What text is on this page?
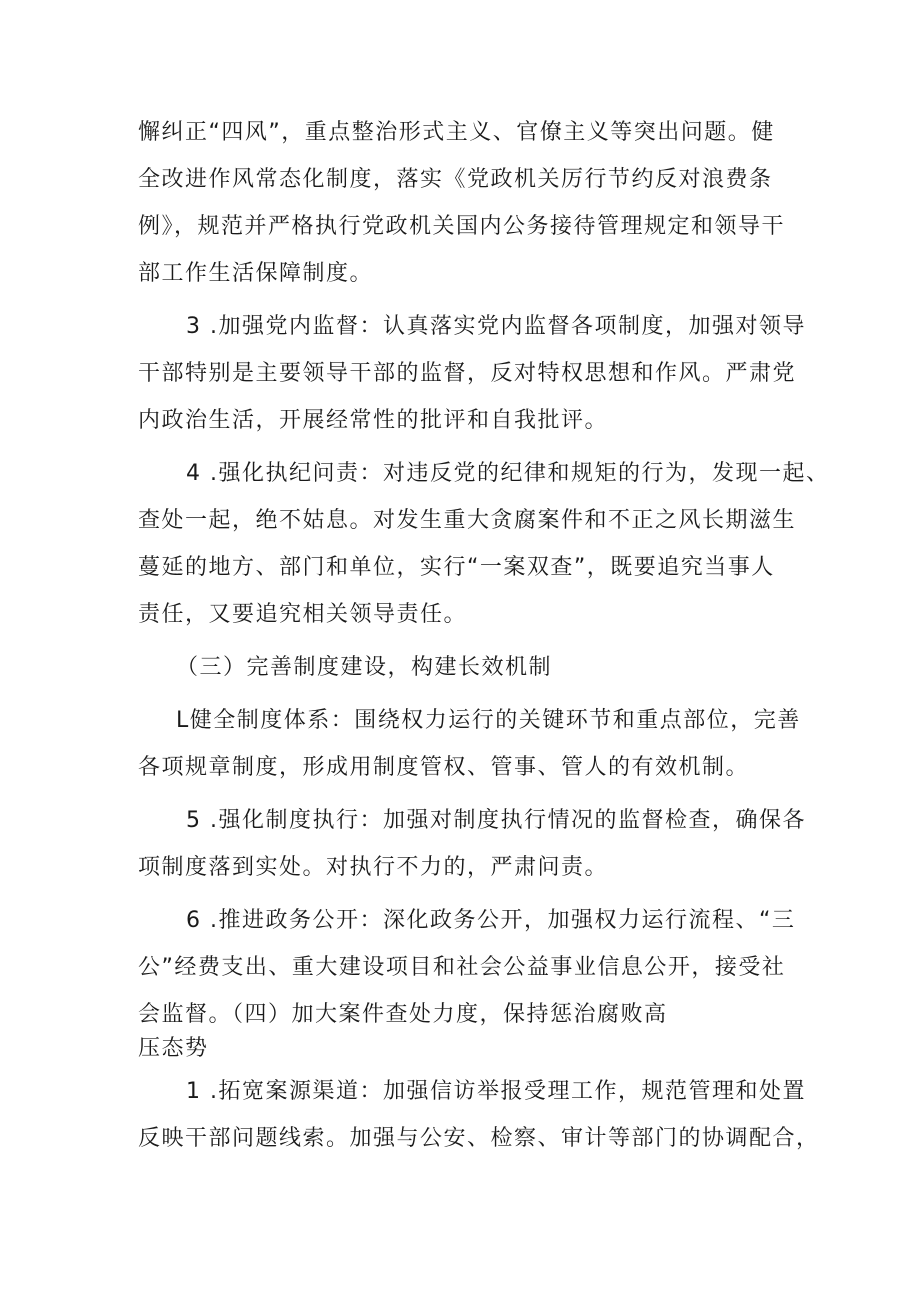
懈纠正“四风”，重点整治形式主义、官僚主义等突出问题。健
全改进作风常态化制度，落实《党政机关厉行节约反对浪费条
例》，规范并严格执行党政机关国内公务接待管理规定和领导干
部工作生活保障制度。
3 .加强党内监督：认真落实党内监督各项制度，加强对领导
干部特别是主要领导干部的监督，反对特权思想和作风。严肃党
内政治生活，开展经常性的批评和自我批评。
4 .强化执纪问责：对违反党的纪律和规矩的行为，发现一起、
查处一起，绝不姑息。对发生重大贪腐案件和不正之风长期滋生
蔓延的地方、部门和单位，实行“一案双查”，既要追究当事人
责任，又要追究相关领导责任。
（三）完善制度建设，构建长效机制
L健全制度体系：围绕权力运行的关键环节和重点部位，完善
各项规章制度，形成用制度管权、管事、管人的有效机制。
5 .强化制度执行：加强对制度执行情况的监督检查，确保各
项制度落到实处。对执行不力的，严肃问责。
6 .推进政务公开：深化政务公开，加强权力运行流程、“三
公”经费支出、重大建设项目和社会公益事业信息公开，接受社
会监督。（四）加大案件查处力度，保持惩治腐败高
压态势
1 .拓宽案源渠道：加强信访举报受理工作，规范管理和处置
反映干部问题线索。加强与公安、检察、审计等部门的协调配合，
